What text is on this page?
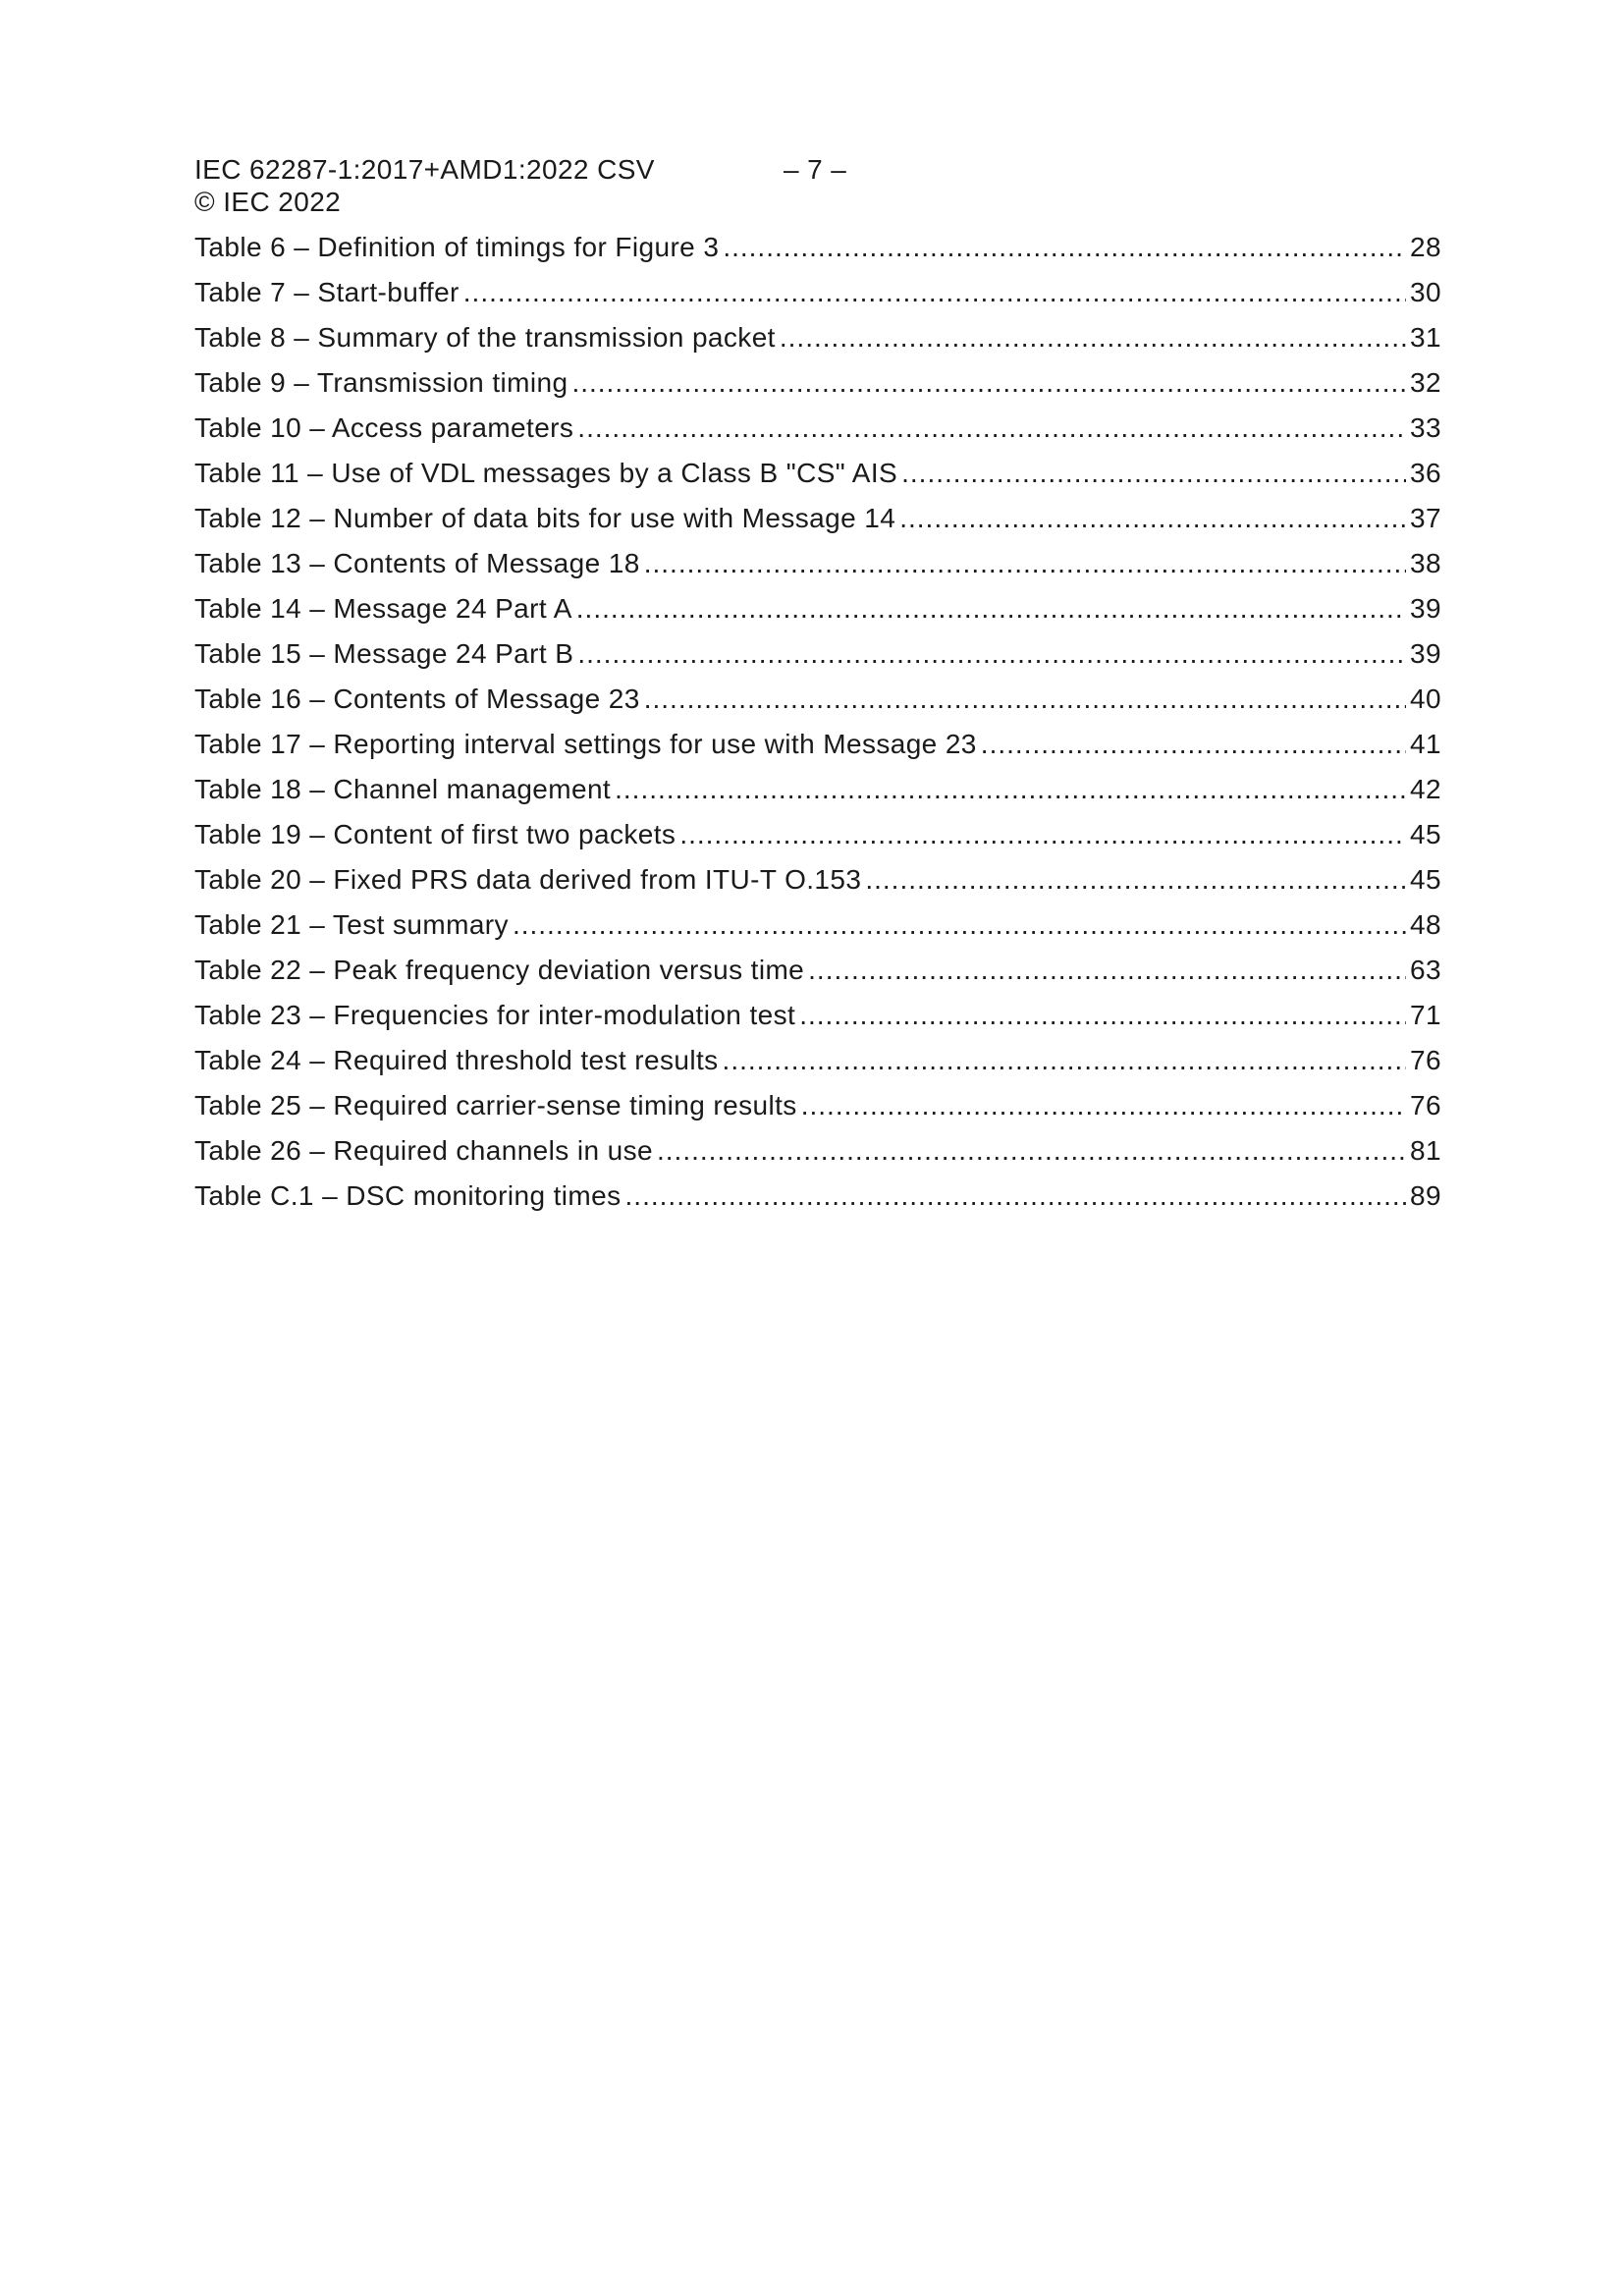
IEC 62287-1:2017+AMD1:2022 CSV	– 7 –
© IEC 2022
Table 6 – Definition of timings for Figure 3 .....	28
Table 7 – Start-buffer .....	30
Table 8 – Summary of the transmission packet .....	31
Table 9 – Transmission timing .....	32
Table 10 – Access parameters .....	33
Table 11 – Use of VDL messages by a Class B "CS" AIS .....	36
Table 12 – Number of data bits for use with Message 14 .....	37
Table 13 – Contents of Message 18 .....	38
Table 14 – Message 24 Part A .....	39
Table 15 – Message 24 Part B .....	39
Table 16 – Contents of Message 23 .....	40
Table 17 – Reporting interval settings for use with Message 23 .....	41
Table 18 – Channel management .....	42
Table 19 – Content of first two packets .....	45
Table 20 – Fixed PRS data derived from ITU-T O.153 .....	45
Table 21 – Test summary .....	48
Table 22 – Peak frequency deviation versus time .....	63
Table 23 – Frequencies for inter-modulation test .....	71
Table 24 – Required threshold test results .....	76
Table 25 – Required carrier-sense timing results .....	76
Table 26 – Required channels in use .....	81
Table C.1 – DSC monitoring times .....	89
